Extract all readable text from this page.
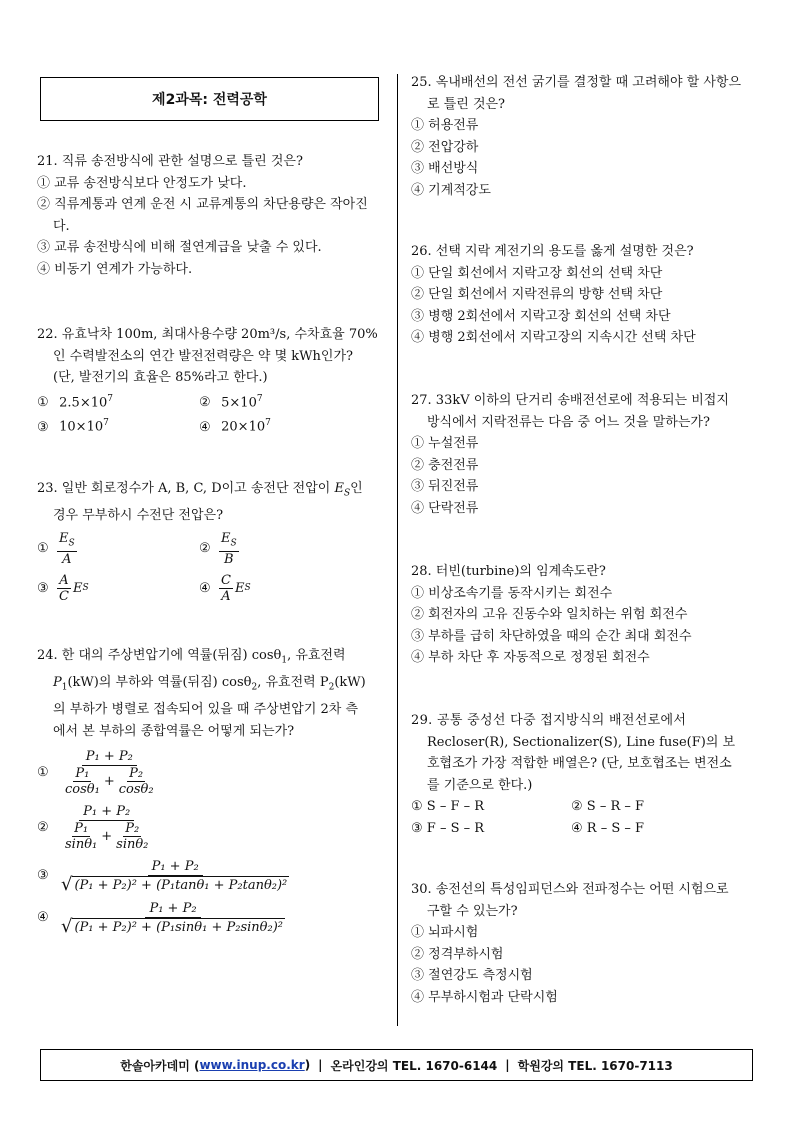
제2과목: 전력공학

21. 직류 송전방식에 관한 설명으로 틀린 것은?

① 교류 송전방식보다 안정도가 낮다.

② 직류계통과 연계 운전 시 교류계통의 차단용량은 작아진

다.

③ 교류 송전방식에 비해 절연계급을 낮출 수 있다.

④ 비동기 연계가 가능하다.

22. 유효낙차 100m, 최대사용수량 20m³/s, 수차효율 70%

인 수력발전소의 연간 발전전력량은 약 몇 kWh인가?

(단, 발전기의 효율은 85%라고 한다.)

① $2.5\times 10^7$	② $5\times 10^7$

③ $10\times 10^7$	④ $20\times 10^7$

23. 일반 회로정수가 A, B, C, D이고 송전단 전압이 $E_S$인

경우 무부하시 수전단 전압은?

① $\frac{E_S}{A}$	② $\frac{E_S}{B}$
③ $\frac{A}{C}$ E S	④ $\frac{C}{A}$ E S

24. 한 대의 주상변압기에 역률(뒤짐) cosθ$_1$, 유효전력

$P_1(kW)$의 부하와 역률(뒤짐) cosθ$_2$, 유효전력 $P_2(kW)$

의 부하가 병렬로 접속되어 있을 때 주상변압기 2차 측

에서 본 부하의 종합역률은 어떻게 되는가?

① $\frac{\text{P₁ + P₂}}{\frac{\text{P₁}}{\text{cosθ₁}} + \frac{\text{P₂}}{\text{cosθ₂}}}$
② $\frac{\text{P₁ + P₂}}{\frac{\text{P₁}}{\text{sinθ₁}} + \frac{\text{P₂}}{\text{sinθ₂}}}$
③ $\frac{\text{P₁ + P₂}}{\text{√ (P₁ + P₂)² + (P₁tanθ₁ + P₂tanθ₂)²}}$
④ $\frac{\text{P₁ + P₂}}{\text{√ (P₁ + P₂)² + (P₁sinθ₁ + P₂sinθ₂)²}}$

25. 옥내배선의 전선 굵기를 결정할 때 고려해야 할 사항으

로 틀린 것은?

① 허용전류

② 전압강하

③ 배선방식

④ 기계적강도

26. 선택 지락 계전기의 용도를 옳게 설명한 것은?

① 단일 회선에서 지락고장 회선의 선택 차단

② 단일 회선에서 지락전류의 방향 선택 차단

③ 병행 2회선에서 지락고장 회선의 선택 차단

④ 병행 2회선에서 지락고장의 지속시간 선택 차단

27. 33kV 이하의 단거리 송배전선로에 적용되는 비접지

방식에서 지락전류는 다음 중 어느 것을 말하는가?

① 누설전류

② 충전전류

③ 뒤진전류

④ 단락전류

28. 터빈(turbine)의 임계속도란?

① 비상조속기를 동작시키는 회전수

② 회전자의 고유 진동수와 일치하는 위험 회전수

③ 부하를 급히 차단하였을 때의 순간 최대 회전수

④ 부하 차단 후 자동적으로 정정된 회전수

29. 공통 중성선 다중 접지방식의 배전선로에서

Recloser(R), Sectionalizer(S), Line fuse(F)의 보

호협조가 가장 적합한 배열은? (단, 보호협조는 변전소

를 기준으로 한다.)

① S – F – R	② S – R – F

③ F – S – R	④ R – S – F

30. 송전선의 특성임피던스와 전파정수는 어떤 시험으로

구할 수 있는가?

① 뇌파시험

② 정격부하시험

③ 절연강도 측정시험

④ 무부하시험과 단락시험

한솔아카데미 ( www.inup.co.kr ) | 온라인강의 TEL. 1670-6144 | 학원강의 TEL. 1670-7113
